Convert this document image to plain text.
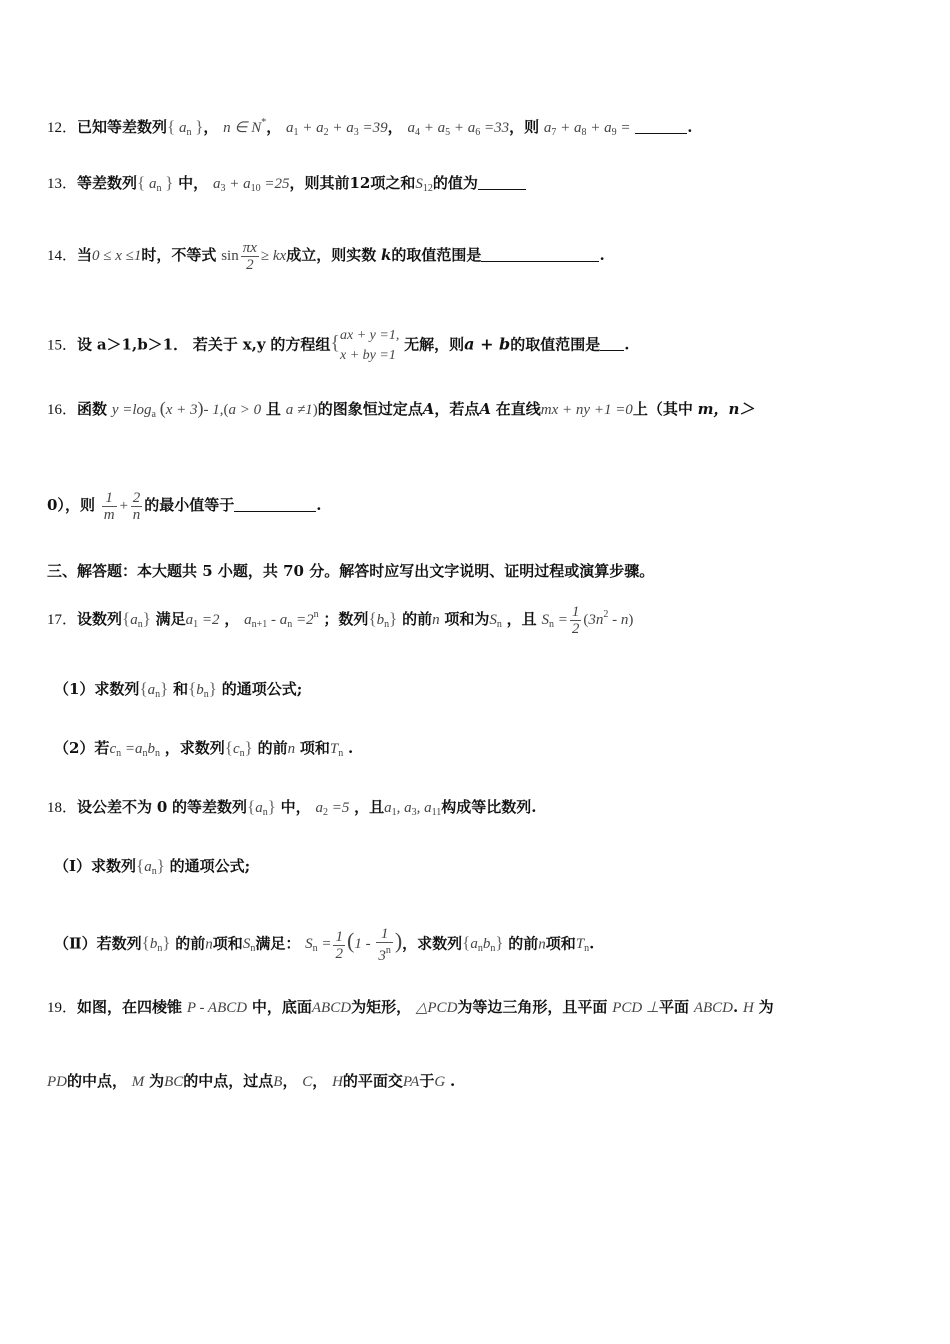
12．已知等差数列{ $a_n$ }， n ∈ N*， $a_1 + a_2 + a_3 =39$， $a_4 + a_5 + a_6 =33$，则 $a_7 + a_8 + a_9$ =	.
13．等差数列{ $a_n$ } 中， $a_3 + a_{10} =25$，则其前12项之和$S_{12}$的值为
14．当0 ≤ x ≤1时，不等式 $\sin \frac{\pi x}{2}$ ≥ kx成立，则实数 k的取值范围是	.
15．设 a＞1,b＞1． 若关于 x,y 的方程组{ ax + y =1,
x + by =1
无解，则a + b的取值范围是 .
16．函数 $y =\log_a$ (x + 3)- 1,(a > 0 且 a ≠1)的图象恒过定点A，若点A 在直线mx + ny +1 =0上（其中 m，n＞
0），则 $\frac{1}{m} + \frac{2}{n}$ 的最小值等于	.
三、解答题：本大题共 5 小题，共 70 分。解答时应写出文字说明、证明过程或演算步骤。
17．设数列$\{a_n\}$ 满足$a_1 =2$ ， $a_{n+1} - a_n =2^n$ ；数列$\{b_n\}$ 的前n 项和为$S_n$ ，且 $S_n = \frac{1}{2} (3n^2 - n)$
（1）求数列$\{a_n\}$ 和$\{b_n\}$ 的通项公式;
（2）若$c_n =a_nb_n$ ，求数列$\{c_n\}$ 的前n 项和$T_n$ .
18．设公差不为 0 的等差数列$\{a_n\}$ 中， $a_2 =5$ ，且$a_1$, $a_3$, $a_{11}$构成等比数列.
（Ⅰ）求数列$\{a_n\}$ 的通项公式;
（Ⅱ）若数列$\{b_n\}$ 的前n项和$S_n$满足： $S_n = \frac{1}{2} (1 - \frac{1}{3^n}$ )，求数列$\{a_nb_n\}$ 的前n项和$T_n$.
19．如图，在四棱锥 P - ABCD 中，底面ABCD为矩形， △PCD为等边三角形，且平面 PCD ⊥平面 ABCD. H 为
PD的中点， M 为BC的中点，过点B， C， H的平面交PA于G .
